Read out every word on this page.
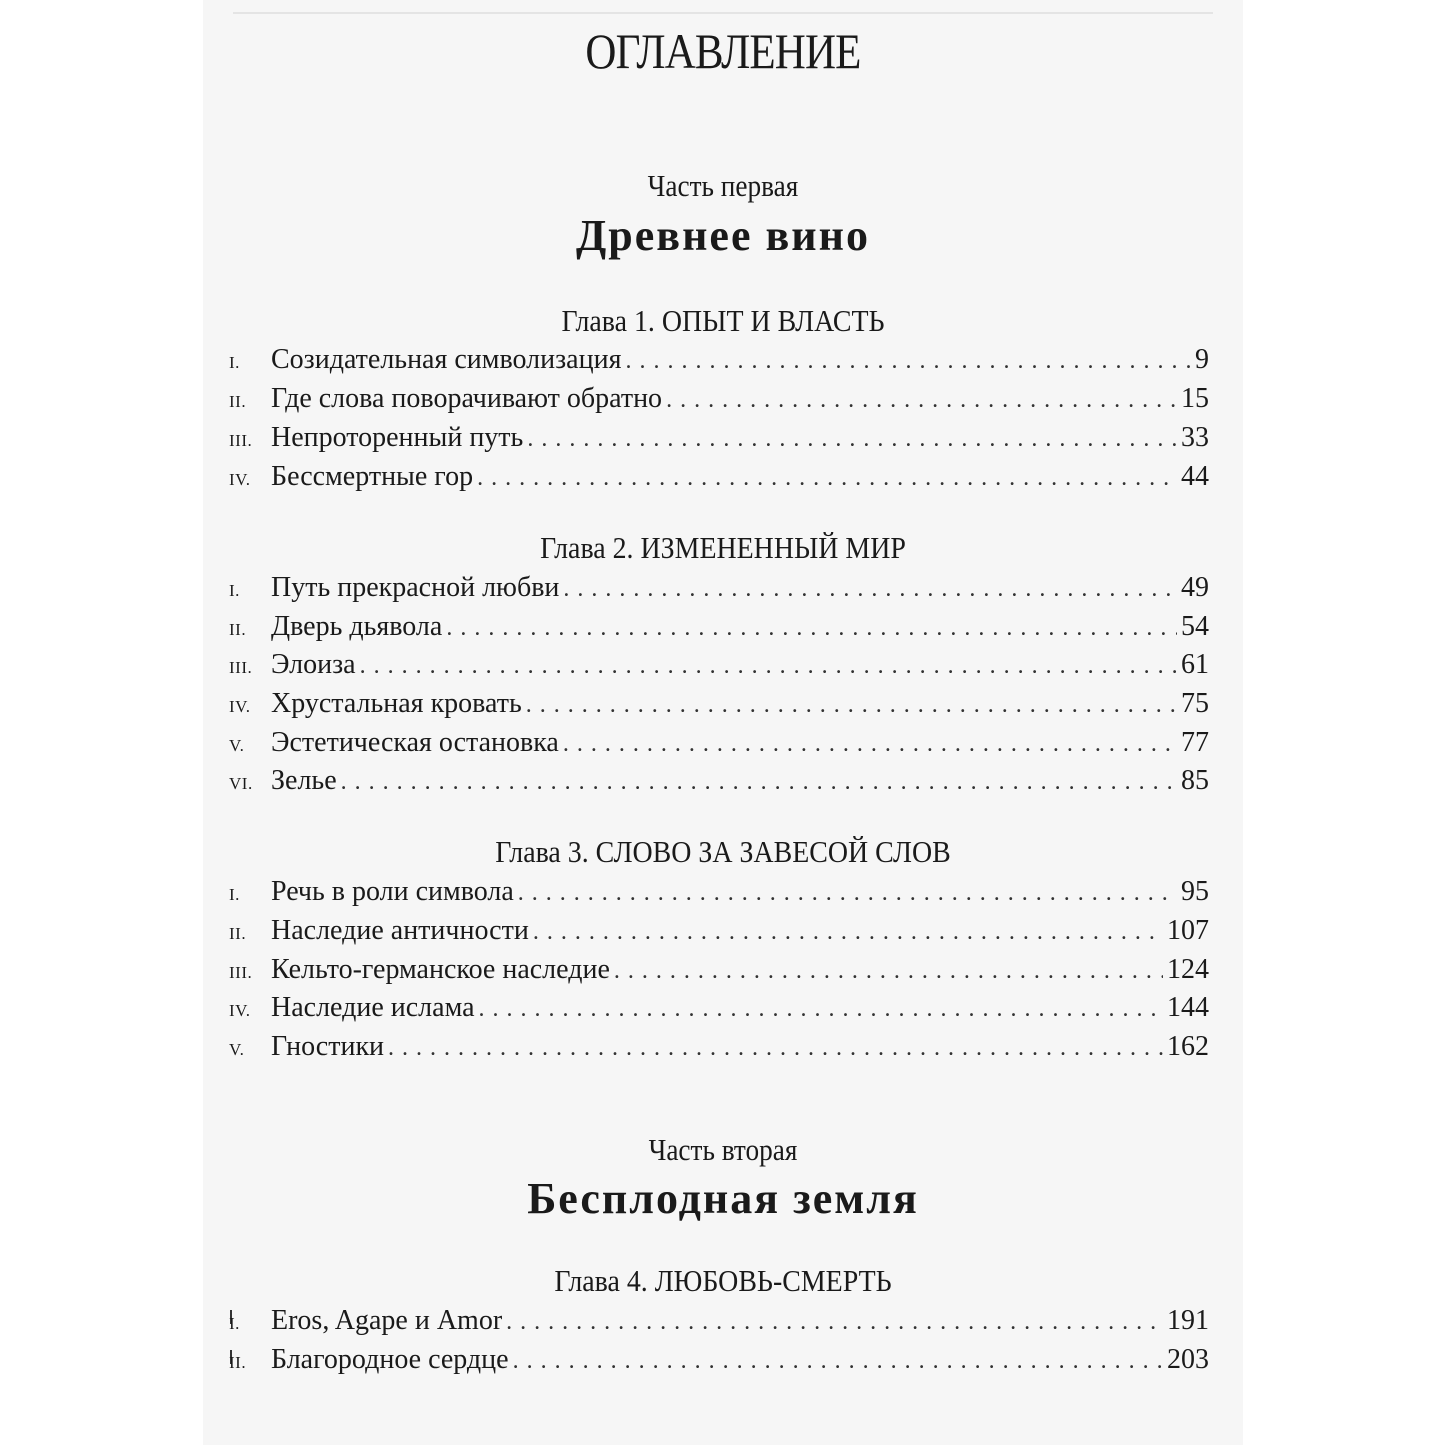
ОГЛАВЛЕНИЕ
Часть первая
Древнее вино
Глава 1. ОПЫТ И ВЛАСТЬ
I.	Созидательная символизация . . .	9
II. Где слова поворачивают обратно . . .	15
III. Непроторенный путь . . .	33
IV. Бессмертные гор . . .	44
Глава 2. ИЗМЕНЕННЫЙ МИР
I.	Путь прекрасной любви . . .	49
II. Дверь дьявола . . .	54
III. Элоиза . . .	61
IV. Хрустальная кровать . . .	75
V. Эстетическая остановка . . .	77
VI. Зелье . . .	85
Глава 3. СЛОВО ЗА ЗАВЕСОЙ СЛОВ
I.	Речь в роли символа . . .	95
II. Наследие античности . . .	107
III. Кельто-германское наследие . . .	124
IV. Наследие ислама . . .	144
V. Гностики . . .	162
Часть вторая
Бесплодная земля
Глава 4. ЛЮБОВЬ-СМЕРТЬ
I.	Eros, Agape и Amor . . .	191
II. Благородное сердце . . .	203
